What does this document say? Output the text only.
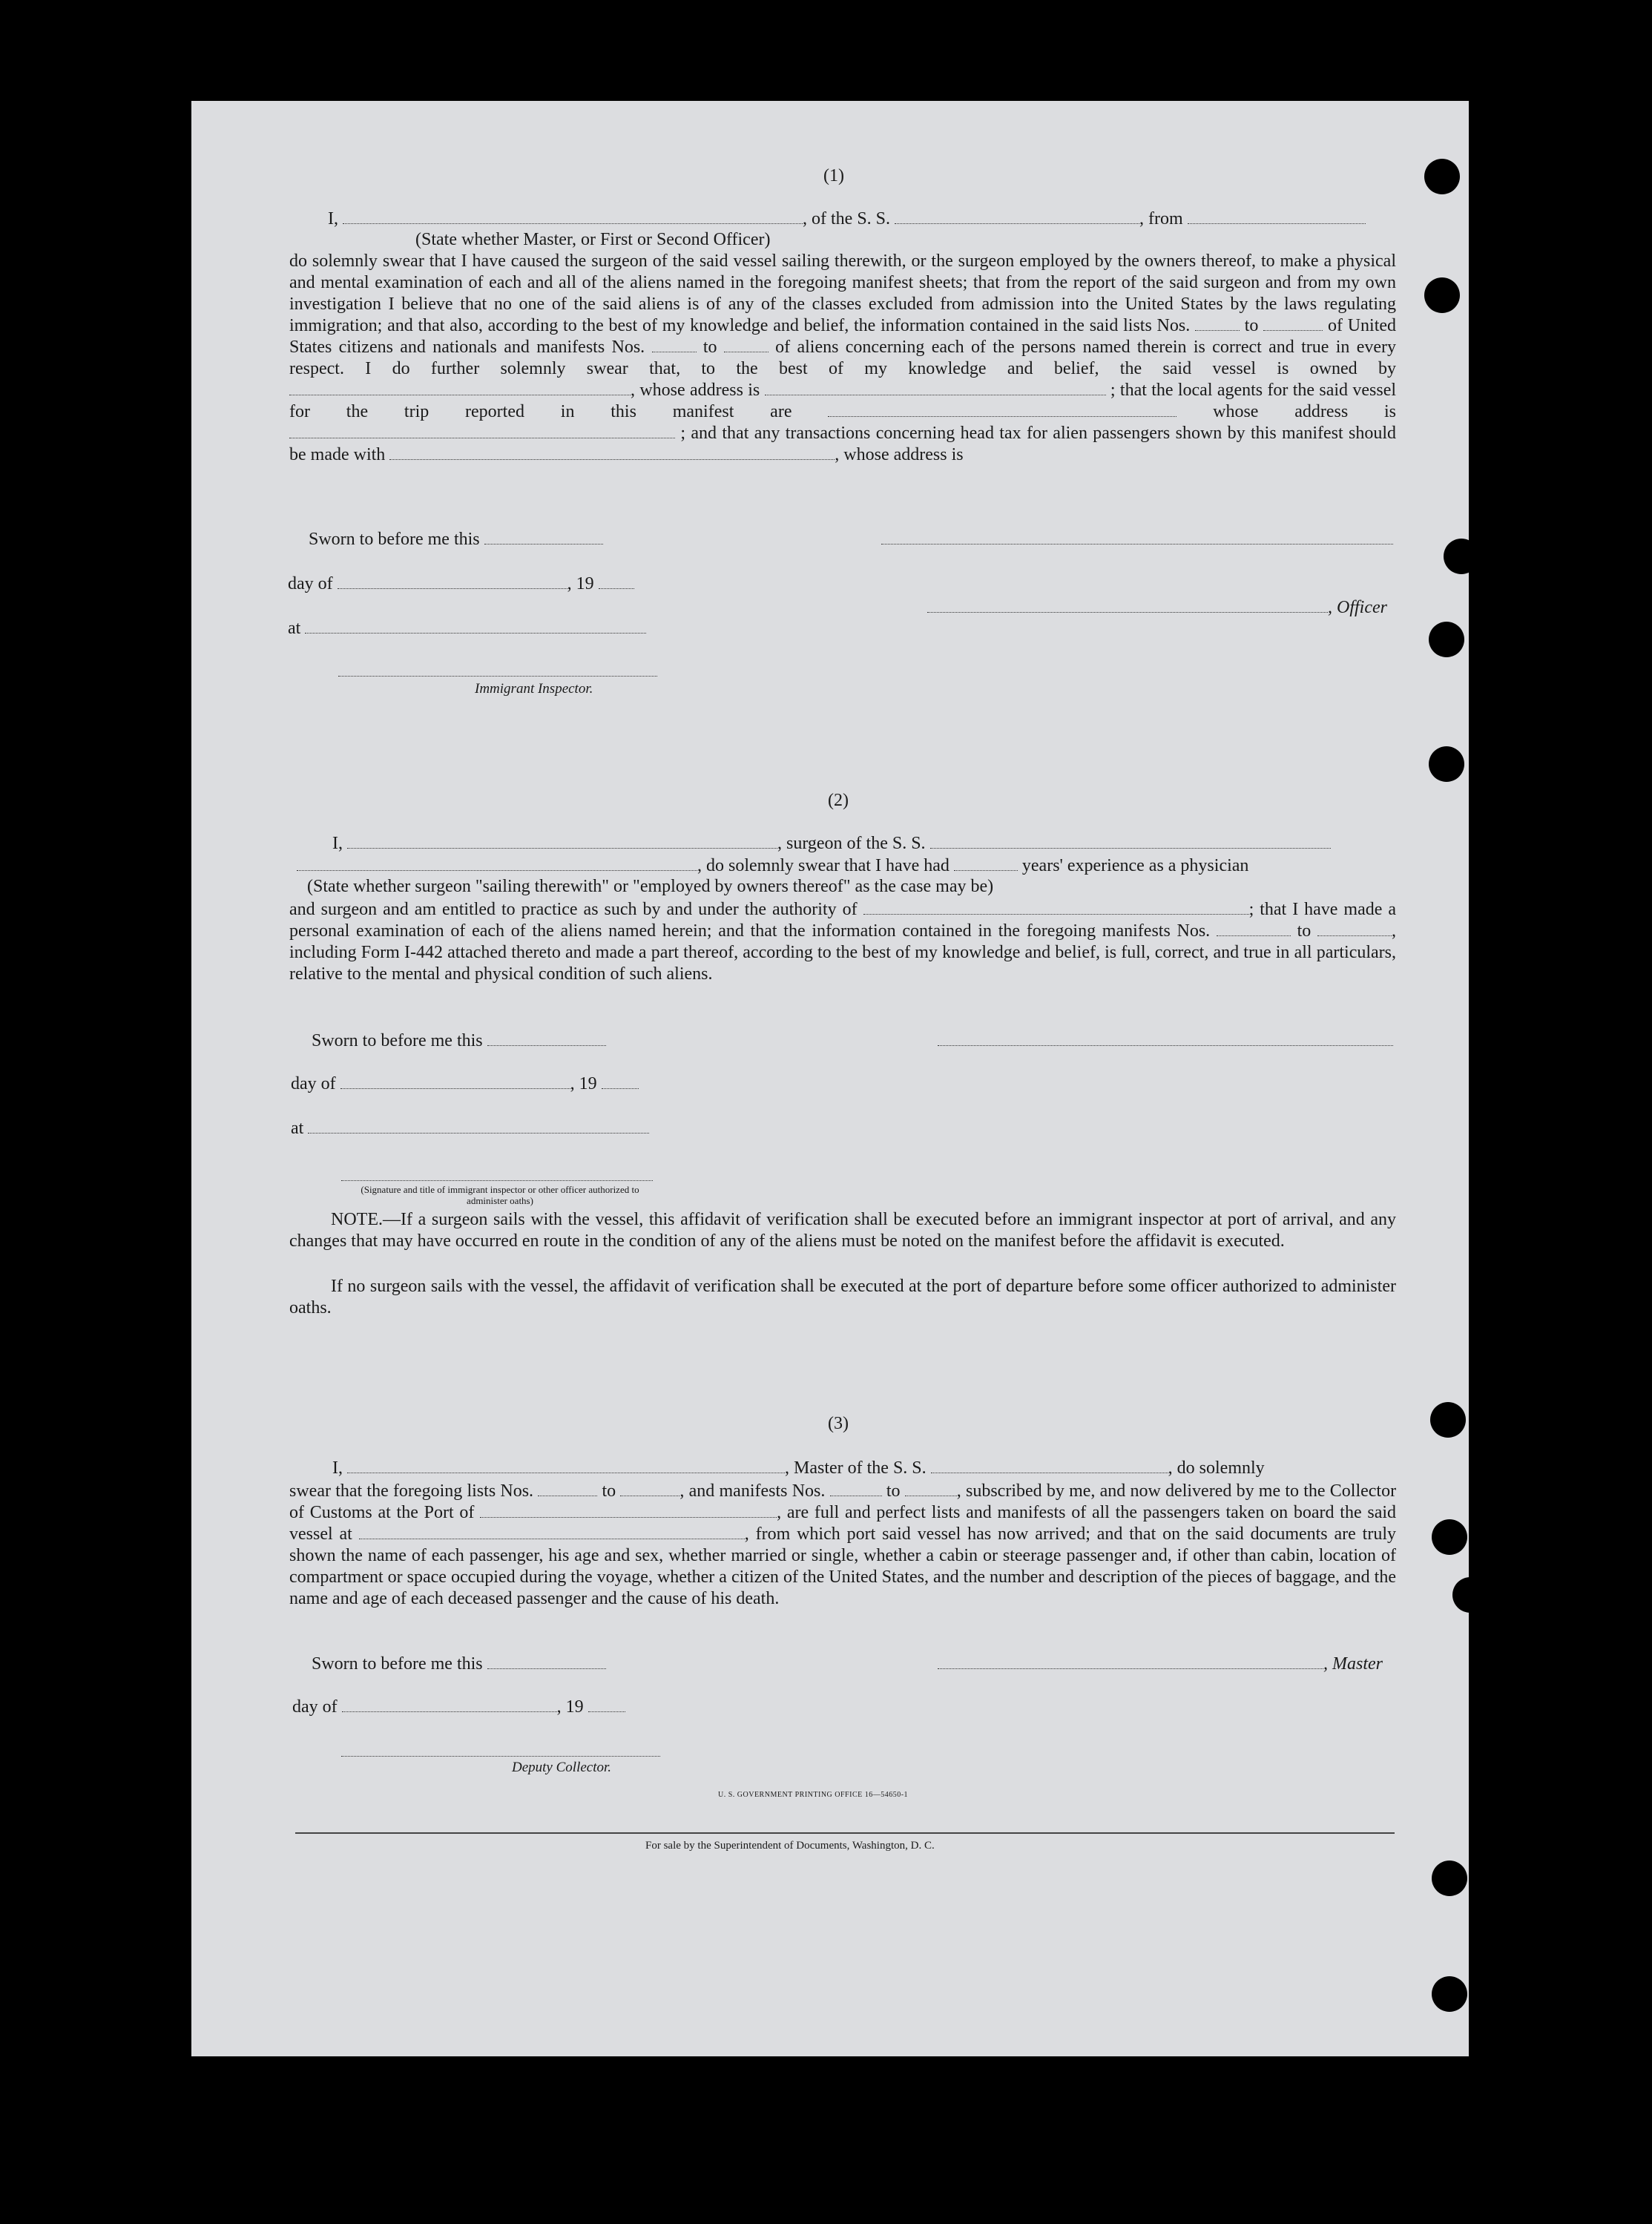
(1)
I,	, of the S. S.	, from
(State whether Master, or First or Second Officer)
do solemnly swear that I have caused the surgeon of the said vessel sailing therewith, or the surgeon employed by the owners thereof, to make a physical and mental examination of each and all of the aliens named in the foregoing manifest sheets; that from the report of the said surgeon and from my own investigation I believe that no one of the said aliens is of any of the classes excluded from admission into the United States by the laws regulating immigration; and that also, according to the best of my knowledge and belief, the information contained in the said lists Nos.	to	of United States citizens and nationals and manifests Nos.	to	of aliens concerning each of the persons named therein is correct and true in every respect. I do further solemnly swear that, to the best of my knowledge and belief, the said vessel is owned by , whose address is	; that the local agents for the said vessel for the trip reported in this manifest are	whose address is  ; and that any transactions concerning head tax for alien passengers shown by this manifest should be made with	, whose address is
Sworn to before me this
day of	, 19
, Officer
at
Immigrant Inspector.
(2)
I,	, surgeon of the S. S.
, do solemnly swear that I have had	years' experience as a physician
(State whether surgeon "sailing therewith" or "employed by owners thereof" as the case may be)
and surgeon and am entitled to practice as such by and under the authority of	; that I have made a personal examination of each of the aliens named herein; and that the information contained in the foregoing manifests Nos.	to	, including Form I-442 attached thereto and made a part thereof, according to the best of my knowledge and belief, is full, correct, and true in all particulars, relative to the mental and physical condition of such aliens.
Sworn to before me this
day of	, 19
at
(Signature and title of immigrant inspector or other officer authorized to administer oaths)
NOTE.—If a surgeon sails with the vessel, this affidavit of verification shall be executed before an immigrant inspector at port of arrival, and any changes that may have occurred en route in the condition of any of the aliens must be noted on the manifest before the affidavit is executed.
If no surgeon sails with the vessel, the affidavit of verification shall be executed at the port of departure before some officer authorized to administer oaths.
(3)
I,	, Master of the S. S.	, do solemnly
swear that the foregoing lists Nos.	to	, and manifests Nos.	to	, subscribed by me, and now delivered by me to the Collector of Customs at the Port of	, are full and perfect lists and manifests of all the passengers taken on board the said vessel at	, from which port said vessel has now arrived; and that on the said documents are truly shown the name of each passenger, his age and sex, whether married or single, whether a cabin or steerage passenger and, if other than cabin, location of compartment or space occupied during the voyage, whether a citizen of the United States, and the number and description of the pieces of baggage, and the name and age of each deceased passenger and the cause of his death.
Sworn to before me this	, Master
day of	, 19
Deputy Collector.
U. S. GOVERNMENT PRINTING OFFICE 16—54650-1
For sale by the Superintendent of Documents, Washington, D. C.
